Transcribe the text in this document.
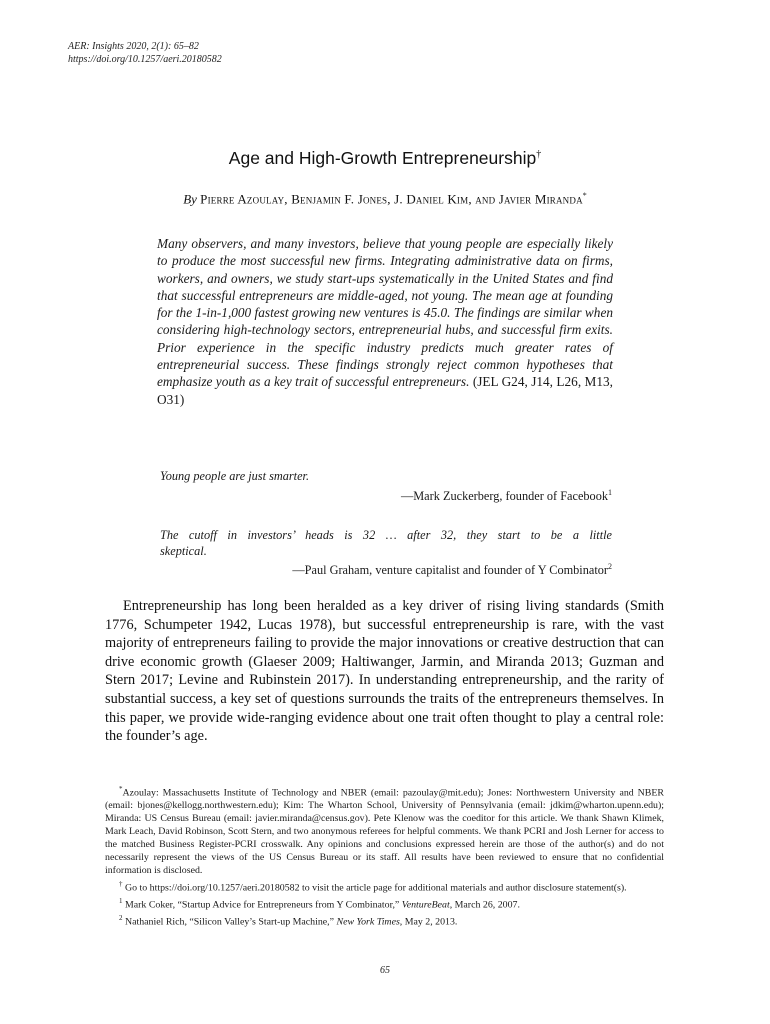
AER: Insights 2020, 2(1): 65–82
https://doi.org/10.1257/aeri.20180582
Age and High-Growth Entrepreneurship†
By Pierre Azoulay, Benjamin F. Jones, J. Daniel Kim, and Javier Miranda*
Many observers, and many investors, believe that young people are especially likely to produce the most successful new firms. Integrating administrative data on firms, workers, and owners, we study start-ups systematically in the United States and find that successful entrepreneurs are middle-aged, not young. The mean age at founding for the 1-in-1,000 fastest growing new ventures is 45.0. The findings are similar when considering high-technology sectors, entrepreneurial hubs, and successful firm exits. Prior experience in the specific industry predicts much greater rates of entrepreneurial success. These findings strongly reject common hypotheses that emphasize youth as a key trait of successful entrepreneurs. (JEL G24, J14, L26, M13, O31)
Young people are just smarter.
—Mark Zuckerberg, founder of Facebook$^1$
The cutoff in investors’ heads is 32 … after 32, they start to be a little
skeptical.
—Paul Graham, venture capitalist and founder of Y Combinator$^2$
Entrepreneurship has long been heralded as a key driver of rising living standards (Smith 1776, Schumpeter 1942, Lucas 1978), but successful entrepreneurship is rare, with the vast majority of entrepreneurs failing to provide the major innovations or creative destruction that can drive economic growth (Glaeser 2009; Haltiwanger, Jarmin, and Miranda 2013; Guzman and Stern 2017; Levine and Rubinstein 2017). In understanding entrepreneurship, and the rarity of substantial success, a key set of questions surrounds the traits of the entrepreneurs themselves. In this paper, we provide wide-ranging evidence about one trait often thought to play a central role: the founder’s age.

*Azoulay: Massachusetts Institute of Technology and NBER (email: pazoulay@mit.edu); Jones: Northwestern University and NBER (email: bjones@kellogg.northwestern.edu); Kim: The Wharton School, University of Pennsylvania (email: jdkim@wharton.upenn.edu); Miranda: US Census Bureau (email: javier.miranda@census.gov). Pete Klenow was the coeditor for this article. We thank Shawn Klimek, Mark Leach, David Robinson, Scott Stern, and two anonymous referees for helpful comments. We thank PCRI and Josh Lerner for access to the matched Business Register-PCRI crosswalk. Any opinions and conclusions expressed herein are those of the author(s) and do not necessarily represent the views of the US Census Bureau or its staff. All results have been reviewed to ensure that no confidential information is disclosed.

† Go to https://doi.org/10.1257/aeri.20180582 to visit the article page for additional materials and author disclosure statement(s).

$^1$ Mark Coker, “Startup Advice for Entrepreneurs from Y Combinator,” VentureBeat, March 26, 2007.

$^2$ Nathaniel Rich, “Silicon Valley’s Start-up Machine,” New York Times, May 2, 2013.

65
